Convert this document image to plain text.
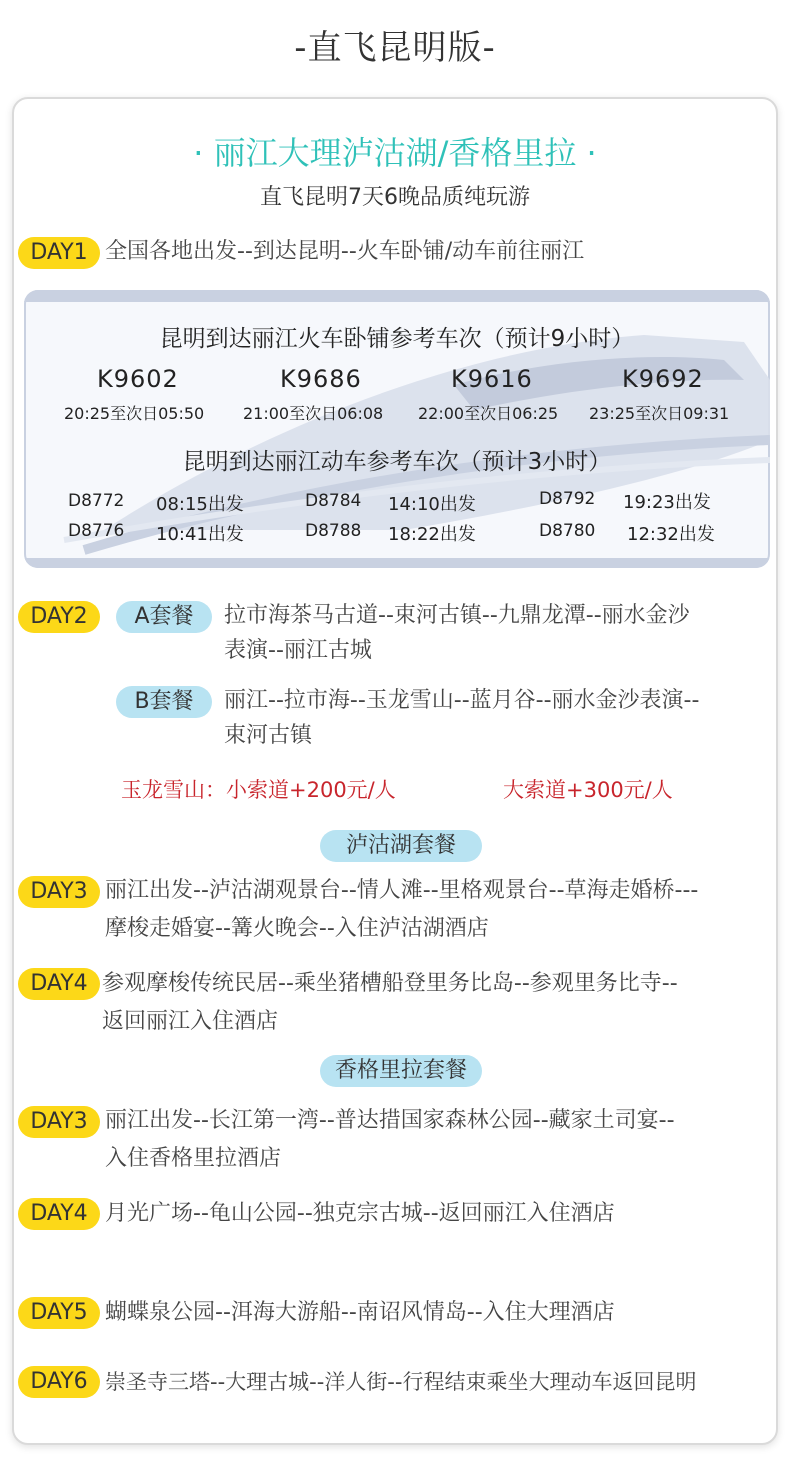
-直飞昆明版-
· 丽江大理泸沽湖/香格里拉 ·
直飞昆明7天6晚品质纯玩游
DAY1 全国各地出发--到达昆明--火车卧铺/动车前往丽江
昆明到达丽江火车卧铺参考车次（预计9小时）
K9602	K9686	K9616	K9692
20:25至次日05:50 21:00至次日06:08 22:00至次日06:25 23:25至次日09:31
昆明到达丽江动车参考车次（预计3小时）
D8772 08:15出发	D8784 14:10出发	D8792 19:23出发
D8776 10:41出发	D8788 18:22出发	D8780 12:32出发
DAY2	A套餐	拉市海茶马古道--束河古镇--九鼎龙潭--丽水金沙
表演--丽江古城
B套餐	丽江--拉市海--玉龙雪山--蓝月谷--丽水金沙表演--
束河古镇
玉龙雪山：小索道+200元/人	大索道+300元/人
泸沽湖套餐
DAY3 丽江出发--泸沽湖观景台--情人滩--里格观景台--草海走婚桥---
摩梭走婚宴--篝火晚会--入住泸沽湖酒店
DAY4 参观摩梭传统民居--乘坐猪槽船登里务比岛--参观里务比寺--
返回丽江入住酒店
香格里拉套餐
DAY3 丽江出发--长江第一湾--普达措国家森林公园--藏家土司宴--
入住香格里拉酒店
DAY4 月光广场--龟山公园--独克宗古城--返回丽江入住酒店
DAY5 蝴蝶泉公园--洱海大游船--南诏风情岛--入住大理酒店
DAY6 崇圣寺三塔--大理古城--洋人街--行程结束乘坐大理动车返回昆明
